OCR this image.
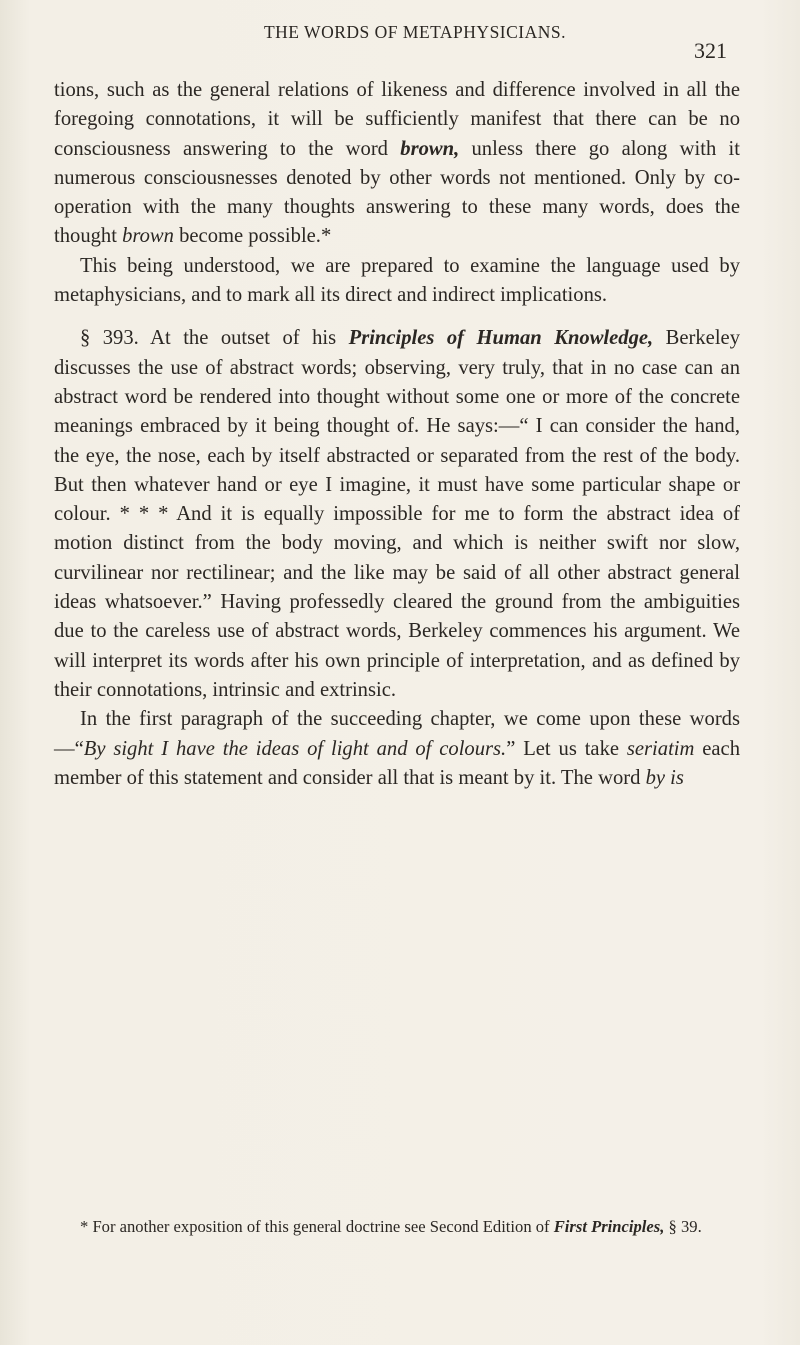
THE WORDS OF METAPHYSICIANS.
321

tions, such as the general relations of likeness and difference involved in all the foregoing connotations, it will be sufficiently manifest that there can be no consciousness answering to the word brown, unless there go along with it numerous consciousnesses denoted by other words not mentioned. Only by co-operation with the many thoughts answering to these many words, does the thought brown become possible.*

This being understood, we are prepared to examine the language used by metaphysicians, and to mark all its direct and indirect implications.

§ 393. At the outset of his Principles of Human Knowledge, Berkeley discusses the use of abstract words; observing, very truly, that in no case can an abstract word be rendered into thought without some one or more of the concrete meanings embraced by it being thought of. He says:—“ I can consider the hand, the eye, the nose, each by itself abstracted or separated from the rest of the body. But then whatever hand or eye I imagine, it must have some particular shape or colour. * * * And it is equally impossible for me to form the abstract idea of motion distinct from the body moving, and which is neither swift nor slow, curvilinear nor rectilinear; and the like may be said of all other abstract general ideas whatsoever.” Having professedly cleared the ground from the ambiguities due to the careless use of abstract words, Berkeley commences his argument. We will interpret its words after his own principle of interpretation, and as defined by their connotations, intrinsic and extrinsic.

In the first paragraph of the succeeding chapter, we come upon these words—“By sight I have the ideas of light and of colours.” Let us take seriatim each member of this statement and consider all that is meant by it. The word by is

* For another exposition of this general doctrine see Second Edition of First Principles, § 39.
